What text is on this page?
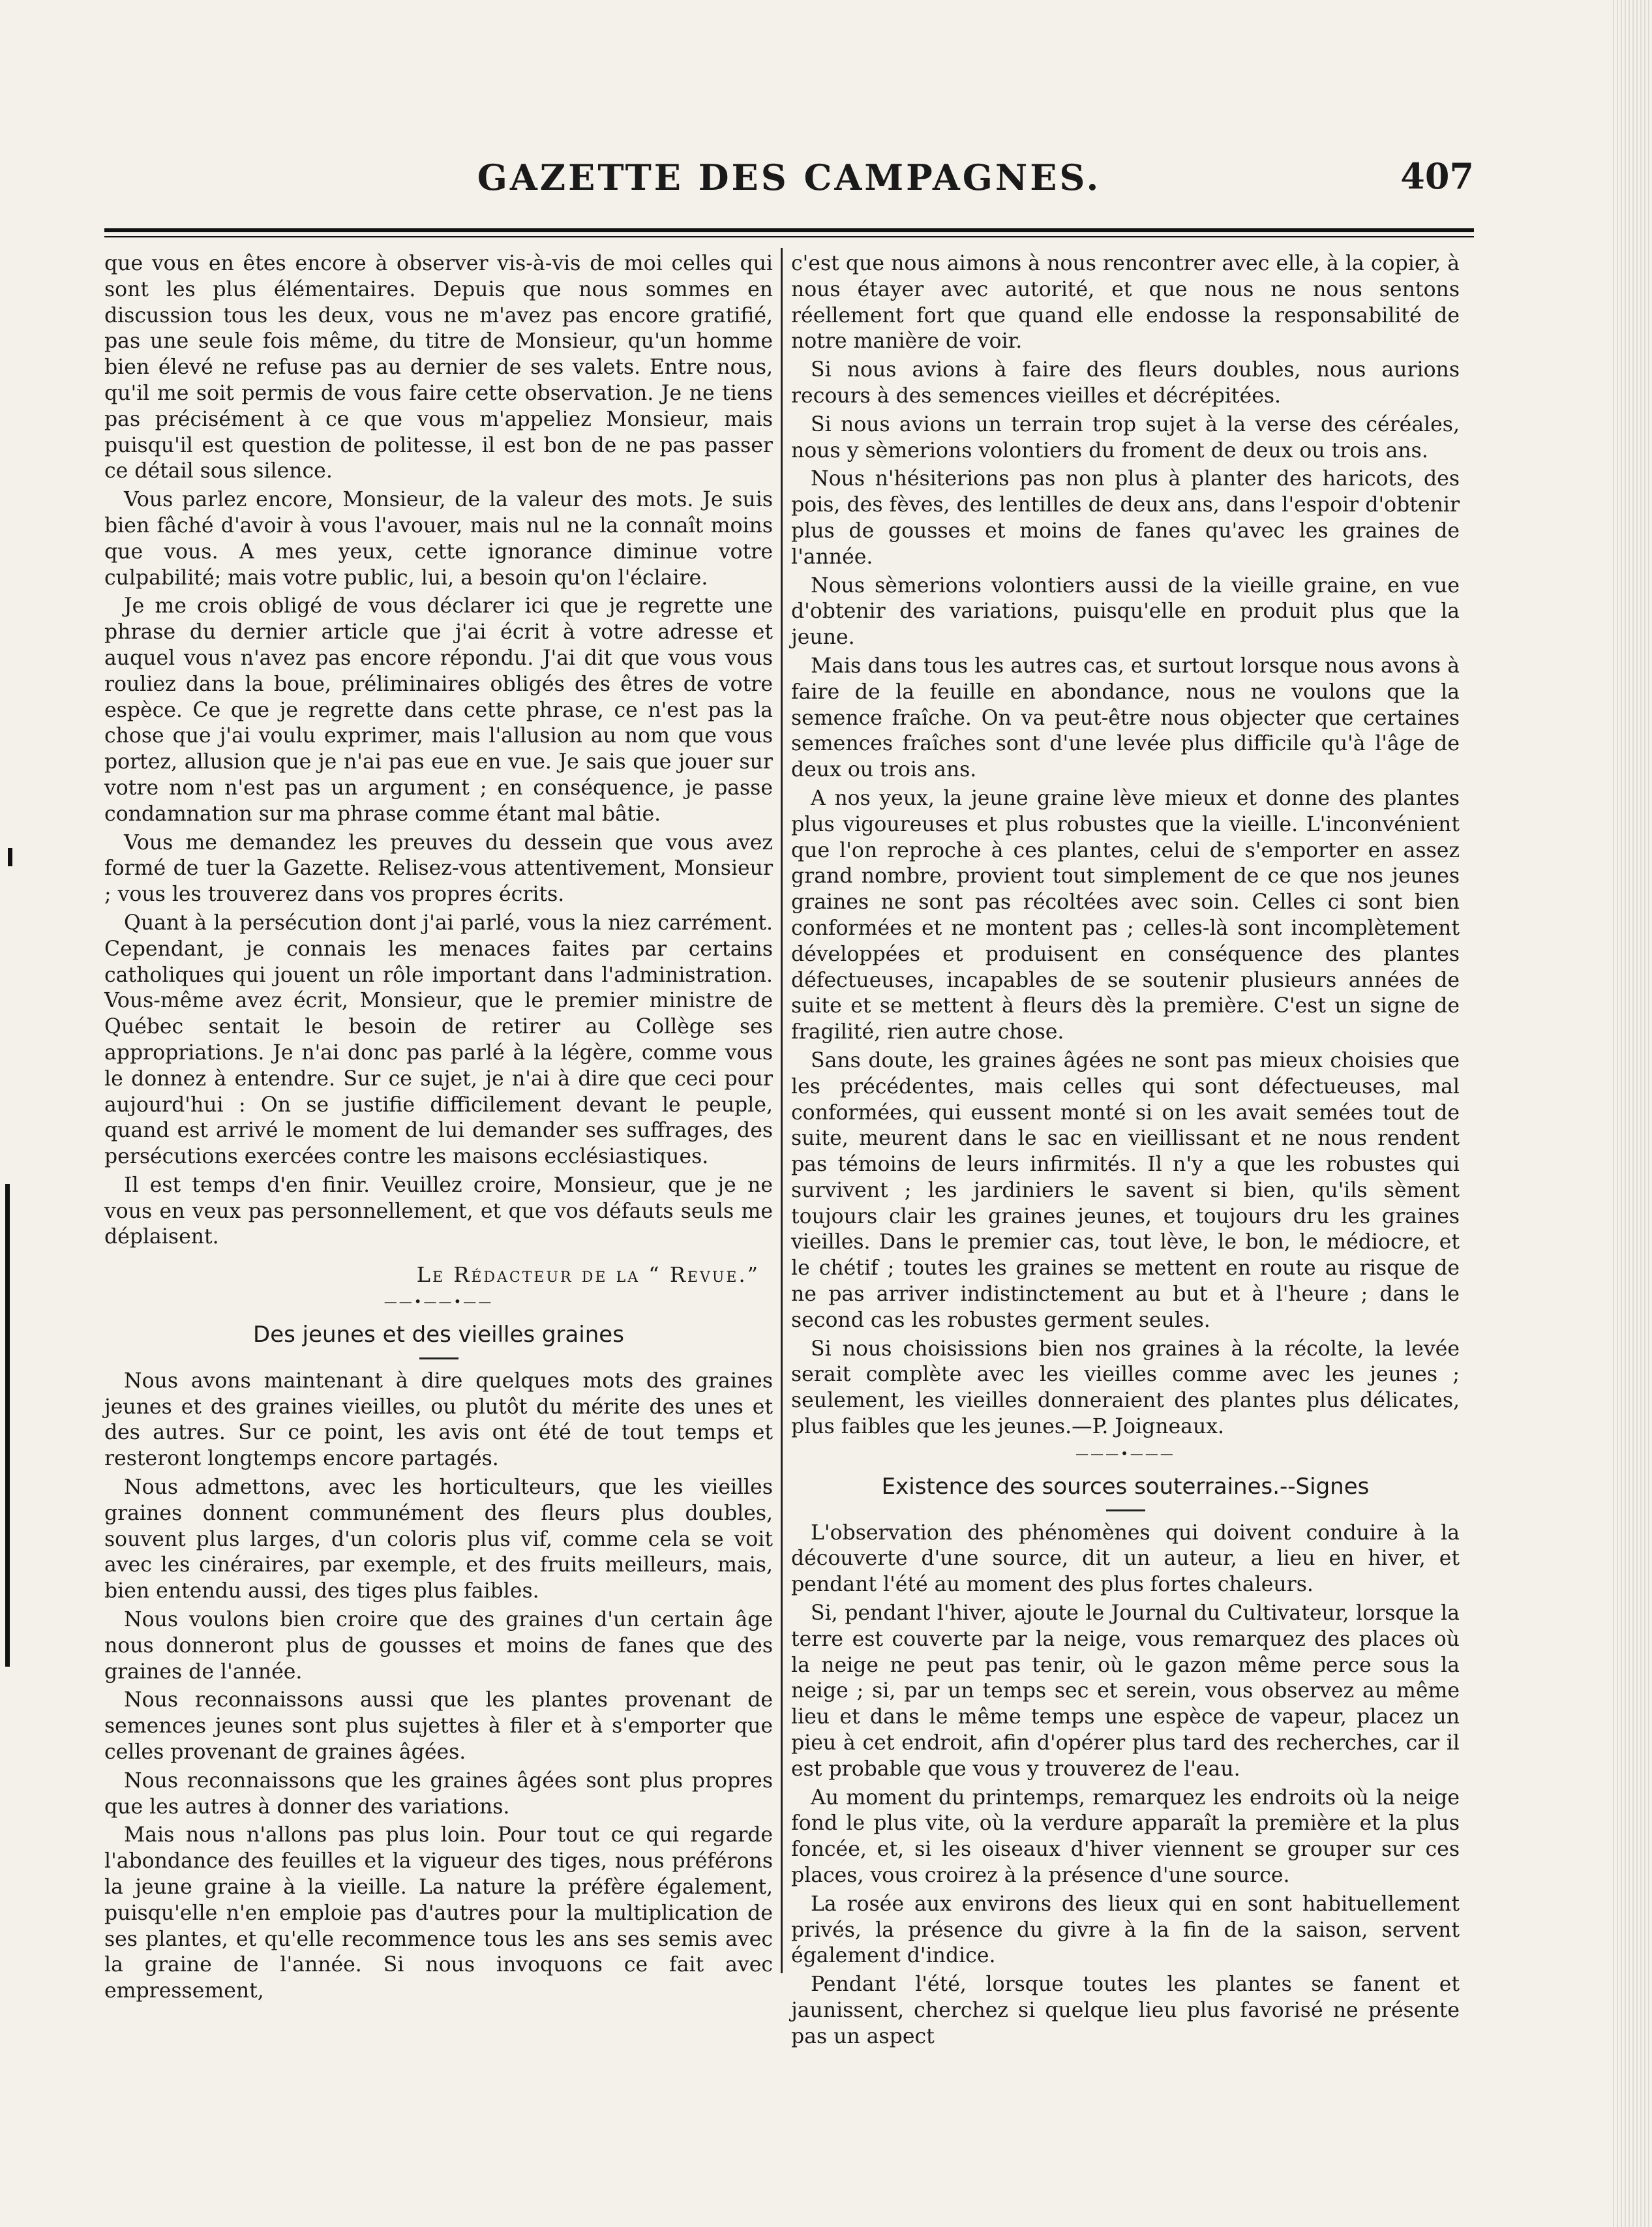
GAZETTE DES CAMPAGNES.	407

que vous en êtes encore à observer vis-à-vis de moi celles qui sont les plus élémentaires. Depuis que nous sommes en discussion tous les deux, vous ne m'avez pas encore gratifié, pas une seule fois même, du titre de Monsieur, qu'un homme bien élevé ne refuse pas au dernier de ses valets. Entre nous, qu'il me soit permis de vous faire cette observation. Je ne tiens pas précisément à ce que vous m'appeliez Monsieur, mais puisqu'il est question de politesse, il est bon de ne pas passer ce détail sous silence.

Vous parlez encore, Monsieur, de la valeur des mots. Je suis bien fâché d'avoir à vous l'avouer, mais nul ne la connaît moins que vous. A mes yeux, cette ignorance diminue votre culpabilité; mais votre public, lui, a besoin qu'on l'éclaire.

Je me crois obligé de vous déclarer ici que je regrette une phrase du dernier article que j'ai écrit à votre adresse et auquel vous n'avez pas encore répondu. J'ai dit que vous vous rouliez dans la boue, préliminaires obligés des êtres de votre espèce. Ce que je regrette dans cette phrase, ce n'est pas la chose que j'ai voulu exprimer, mais l'allusion au nom que vous portez, allusion que je n'ai pas eue en vue. Je sais que jouer sur votre nom n'est pas un argument ; en conséquence, je passe condamnation sur ma phrase comme étant mal bâtie.

Vous me demandez les preuves du dessein que vous avez formé de tuer la Gazette. Relisez-vous attentivement, Monsieur ; vous les trouverez dans vos propres écrits.

Quant à la persécution dont j'ai parlé, vous la niez carrément. Cependant, je connais les menaces faites par certains catholiques qui jouent un rôle important dans l'administration. Vous-même avez écrit, Monsieur, que le premier ministre de Québec sentait le besoin de retirer au Collège ses appropriations. Je n'ai donc pas parlé à la légère, comme vous le donnez à entendre. Sur ce sujet, je n'ai à dire que ceci pour aujourd'hui : On se justifie difficilement devant le peuple, quand est arrivé le moment de lui demander ses suffrages, des persécutions exercées contre les maisons ecclésiastiques.

Il est temps d'en finir. Veuillez croire, Monsieur, que je ne vous en veux pas personnellement, et que vos défauts seuls me déplaisent.

Le Rédacteur de la “ Revue.”
——•——•——
Des jeunes et des vieilles graines

Nous avons maintenant à dire quelques mots des graines jeunes et des graines vieilles, ou plutôt du mérite des unes et des autres. Sur ce point, les avis ont été de tout temps et resteront longtemps encore partagés.

Nous admettons, avec les horticulteurs, que les vieilles graines donnent communément des fleurs plus doubles, souvent plus larges, d'un coloris plus vif, comme cela se voit avec les cinéraires, par exemple, et des fruits meilleurs, mais, bien entendu aussi, des tiges plus faibles.

Nous voulons bien croire que des graines d'un certain âge nous donneront plus de gousses et moins de fanes que des graines de l'année.

Nous reconnaissons aussi que les plantes provenant de semences jeunes sont plus sujettes à filer et à s'emporter que celles provenant de graines âgées.

Nous reconnaissons que les graines âgées sont plus propres que les autres à donner des variations.

Mais nous n'allons pas plus loin. Pour tout ce qui regarde l'abondance des feuilles et la vigueur des tiges, nous préférons la jeune graine à la vieille. La nature la préfère également, puisqu'elle n'en emploie pas d'autres pour la multiplication de ses plantes, et qu'elle recommence tous les ans ses semis avec la graine de l'année. Si nous invoquons ce fait avec empressement,

c'est que nous aimons à nous rencontrer avec elle, à la copier, à nous étayer avec autorité, et que nous ne nous sentons réellement fort que quand elle endosse la responsabilité de notre manière de voir.

Si nous avions à faire des fleurs doubles, nous aurions recours à des semences vieilles et décrépitées.

Si nous avions un terrain trop sujet à la verse des céréales, nous y sèmerions volontiers du froment de deux ou trois ans.

Nous n'hésiterions pas non plus à planter des haricots, des pois, des fèves, des lentilles de deux ans, dans l'espoir d'obtenir plus de gousses et moins de fanes qu'avec les graines de l'année.

Nous sèmerions volontiers aussi de la vieille graine, en vue d'obtenir des variations, puisqu'elle en produit plus que la jeune.

Mais dans tous les autres cas, et surtout lorsque nous avons à faire de la feuille en abondance, nous ne voulons que la semence fraîche. On va peut-être nous objecter que certaines semences fraîches sont d'une levée plus difficile qu'à l'âge de deux ou trois ans.

A nos yeux, la jeune graine lève mieux et donne des plantes plus vigoureuses et plus robustes que la vieille. L'inconvénient que l'on reproche à ces plantes, celui de s'emporter en assez grand nombre, provient tout simplement de ce que nos jeunes graines ne sont pas récoltées avec soin. Celles ci sont bien conformées et ne montent pas ; celles-là sont incomplètement développées et produisent en conséquence des plantes défectueuses, incapables de se soutenir plusieurs années de suite et se mettent à fleurs dès la première. C'est un signe de fragilité, rien autre chose.

Sans doute, les graines âgées ne sont pas mieux choisies que les précédentes, mais celles qui sont défectueuses, mal conformées, qui eussent monté si on les avait semées tout de suite, meurent dans le sac en vieillissant et ne nous rendent pas témoins de leurs infirmités. Il n'y a que les robustes qui survivent ; les jardiniers le savent si bien, qu'ils sèment toujours clair les graines jeunes, et toujours dru les graines vieilles. Dans le premier cas, tout lève, le bon, le médiocre, et le chétif ; toutes les graines se mettent en route au risque de ne pas arriver indistinctement au but et à l'heure ; dans le second cas les robustes germent seules.

Si nous choisissions bien nos graines à la récolte, la levée serait complète avec les vieilles comme avec les jeunes ; seulement, les vieilles donneraient des plantes plus délicates, plus faibles que les jeunes.—P. Joigneaux.

———•———
Existence des sources souterraines.--Signes

L'observation des phénomènes qui doivent conduire à la découverte d'une source, dit un auteur, a lieu en hiver, et pendant l'été au moment des plus fortes chaleurs.

Si, pendant l'hiver, ajoute le Journal du Cultivateur, lorsque la terre est couverte par la neige, vous remarquez des places où la neige ne peut pas tenir, où le gazon même perce sous la neige ; si, par un temps sec et serein, vous observez au même lieu et dans le même temps une espèce de vapeur, placez un pieu à cet endroit, afin d'opérer plus tard des recherches, car il est probable que vous y trouverez de l'eau.

Au moment du printemps, remarquez les endroits où la neige fond le plus vite, où la verdure apparaît la première et la plus foncée, et, si les oiseaux d'hiver viennent se grouper sur ces places, vous croirez à la présence d'une source.

La rosée aux environs des lieux qui en sont habituellement privés, la présence du givre à la fin de la saison, servent également d'indice.

Pendant l'été, lorsque toutes les plantes se fanent et jaunissent, cherchez si quelque lieu plus favorisé ne présente pas un aspect
